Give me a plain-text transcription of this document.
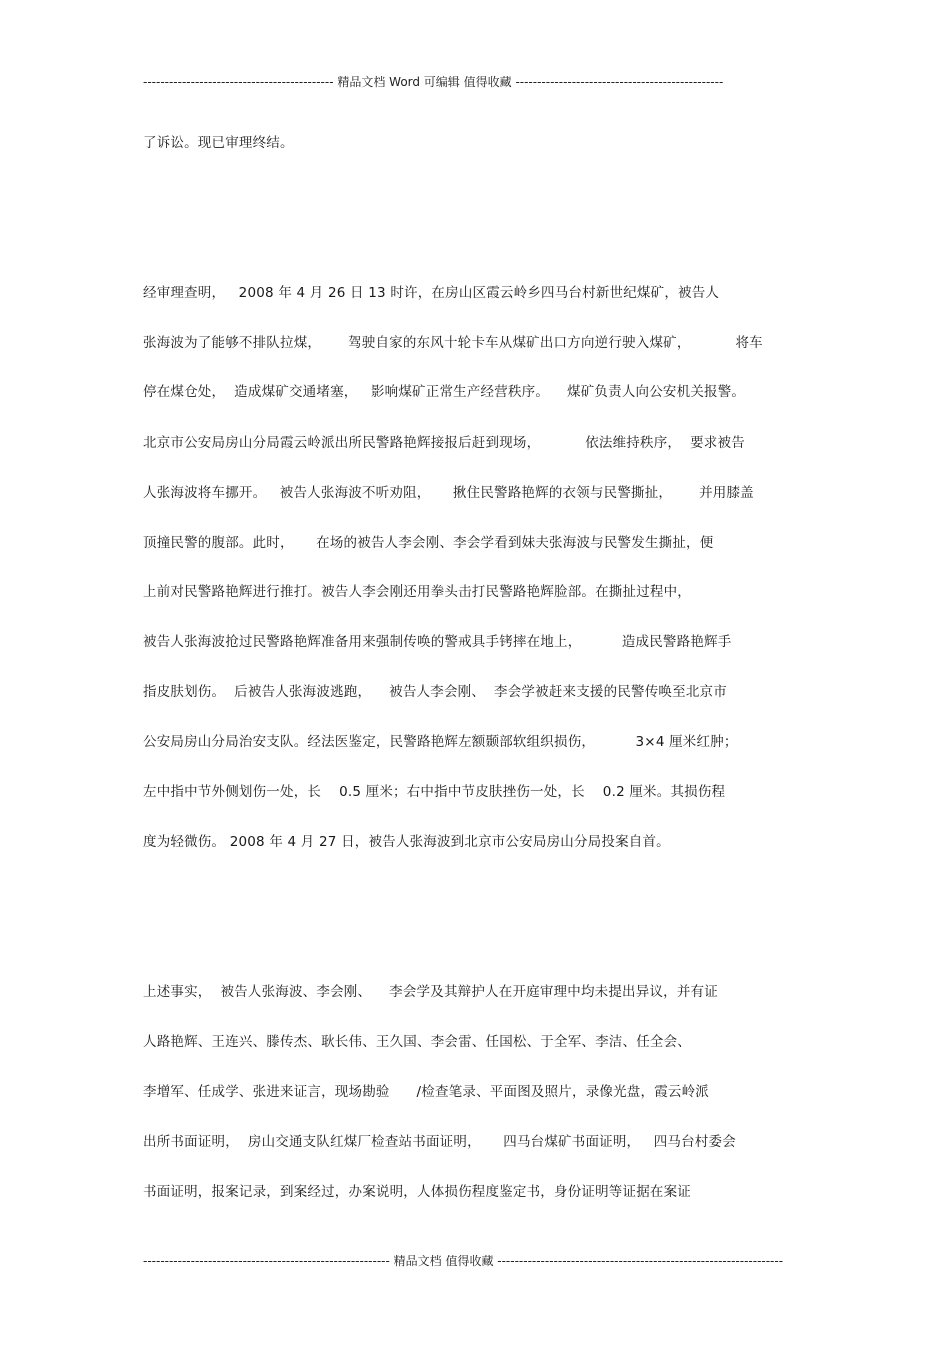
-------------------------------------------- 精品文档 Word 可编辑 值得收藏 ------------------------------------------------
了诉讼。现已审理终结。
经审理查明，   2008 年 4 月 26 日 13 时许，在房山区霞云岭乡四马台村新世纪煤矿，被告人
张海波为了能够不排队拉煤，      驾驶自家的东风十轮卡车从煤矿出口方向逆行驶入煤矿，          将车
停在煤仓处，  造成煤矿交通堵塞，   影响煤矿正常生产经营秩序。    煤矿负责人向公安机关报警。
北京市公安局房山分局霞云岭派出所民警路艳辉接报后赶到现场，          依法维持秩序，  要求被告
人张海波将车挪开。   被告人张海波不听劝阻，     揪住民警路艳辉的衣领与民警撕扯，      并用膝盖
顶撞民警的腹部。此时，     在场的被告人李会刚、李会学看到妹夫张海波与民警发生撕扯，便
上前对民警路艳辉进行推打。被告人李会刚还用拳头击打民警路艳辉脸部。在撕扯过程中，
被告人张海波抢过民警路艳辉准备用来强制传唤的警戒具手铐摔在地上，         造成民警路艳辉手
指皮肤划伤。  后被告人张海波逃跑，    被告人李会刚、  李会学被赶来支援的民警传唤至北京市
公安局房山分局治安支队。经法医鉴定，民警路艳辉左额颞部软组织损伤，         3×4 厘米红肿；
左中指中节外侧划伤一处，长    0.5 厘米；右中指中节皮肤挫伤一处，长    0.2 厘米。其损伤程
度为轻微伤。 2008 年 4 月 27 日，被告人张海波到北京市公安局房山分局投案自首。
上述事实，  被告人张海波、李会刚、    李会学及其辩护人在开庭审理中均未提出异议，并有证
人路艳辉、王连兴、滕传杰、耿长伟、王久国、李会雷、任国松、于全军、李洁、任全会、
李增军、任成学、张进来证言，现场勘验      /检查笔录、平面图及照片，录像光盘，霞云岭派
出所书面证明，  房山交通支队红煤厂检查站书面证明，     四马台煤矿书面证明，   四马台村委会
书面证明，报案记录，到案经过，办案说明，人体损伤程度鉴定书，身份证明等证据在案证
--------------------------------------------------------- 精品文档 值得收藏 ------------------------------------------------------------------
